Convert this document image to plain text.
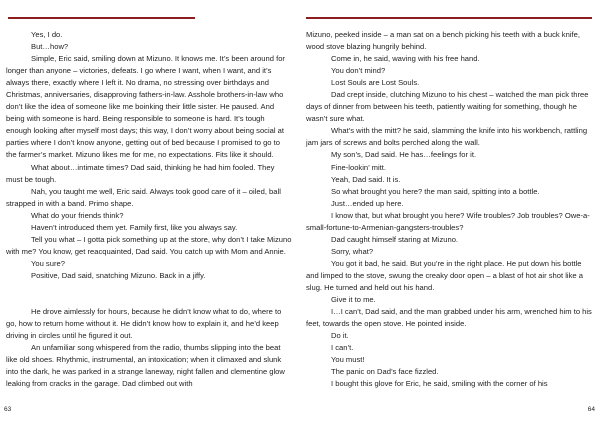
Yes, I do.

But…how?

Simple, Eric said, smiling down at Mizuno. It knows me. It’s been around for longer than anyone – victories, defeats. I go where I want, when I want, and it’s always there, exactly where I left it. No drama, no stressing over birthdays and Christmas, anniversaries, disapproving fathers-in-law. Asshole brothers-in-law who don’t like the idea of someone like me boinking their little sister. He paused. And being with someone is hard. Being responsible to someone is hard. It’s tough enough looking after myself most days; this way, I don’t worry about being social at parties where I don’t know anyone, getting out of bed because I promised to go to the farmer’s market. Mizuno likes me for me, no expectations. Fits like it should.

What about…intimate times? Dad said, thinking he had him fooled. They must be tough.

Nah, you taught me well, Eric said. Always took good care of it – oiled, ball strapped in with a band. Primo shape.

What do your friends think?

Haven’t introduced them yet. Family first, like you always say.

Tell you what – I gotta pick something up at the store, why don’t I take Mizuno with me? You know, get reacquainted, Dad said. You catch up with Mom and Annie.

You sure?

Positive, Dad said, snatching Mizuno. Back in a jiffy.

He drove aimlessly for hours, because he didn’t know what to do, where to go, how to return home without it. He didn’t know how to explain it, and he’d keep driving in circles until he figured it out.

An unfamiliar song whispered from the radio, thumbs slipping into the beat like old shoes. Rhythmic, instrumental, an intoxication; when it climaxed and slunk into the dark, he was parked in a strange laneway, night fallen and clementine glow leaking from cracks in the garage. Dad climbed out with

Mizuno, peeked inside – a man sat on a bench picking his teeth with a buck knife, wood stove blazing hungrily behind.

Come in, he said, waving with his free hand.

You don’t mind?

Lost Souls are Lost Souls.

Dad crept inside, clutching Mizuno to his chest – watched the man pick three days of dinner from between his teeth, patiently waiting for something, though he wasn’t sure what.

What’s with the mitt? he said, slamming the knife into his workbench, rattling jam jars of screws and bolts perched along the wall.

My son’s, Dad said. He has…feelings for it.

Fine-lookin’ mitt.

Yeah, Dad said. It is.

So what brought you here? the man said, spitting into a bottle.

Just…ended up here.

I know that, but what brought you here? Wife troubles? Job troubles? Owe-a-small-fortune-to-Armenian-gangsters-troubles?

Dad caught himself staring at Mizuno.

Sorry, what?

You got it bad, he said. But you’re in the right place. He put down his bottle and limped to the stove, swung the creaky door open – a blast of hot air shot like a slug. He turned and held out his hand.

Give it to me.

I…I can’t, Dad said, and the man grabbed under his arm, wrenched him to his feet, towards the open stove. He pointed inside.

Do it.

I can’t.

You must!

The panic on Dad’s face fizzled.

I bought this glove for Eric, he said, smiling with the corner of his

63	64
